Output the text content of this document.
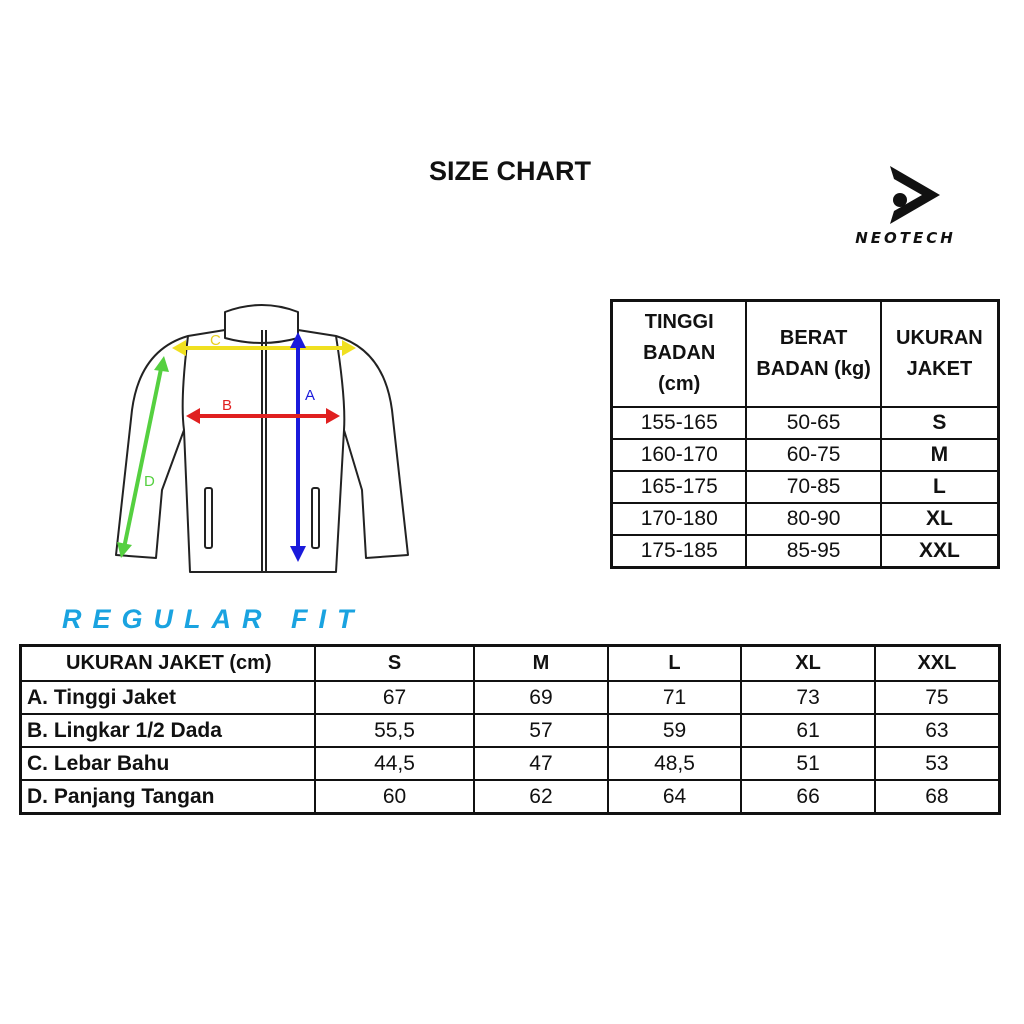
SIZE CHART
NEOTECH
C
A
B
D
TINGGI BADAN (cm)	BERAT BADAN (kg)	UKURAN JAKET
155-165	50-65	S
160-170	60-75	M
165-175	70-85	L
170-180	80-90	XL
175-185	85-95	XXL
REGULAR FIT
UKURAN JAKET (cm)	S	M	L	XL	XXL
A. Tinggi Jaket	67	69	71	73	75
B. Lingkar 1/2 Dada	55,5	57	59	61	63
C. Lebar Bahu	44,5	47	48,5	51	53
D. Panjang Tangan	60	62	64	66	68
